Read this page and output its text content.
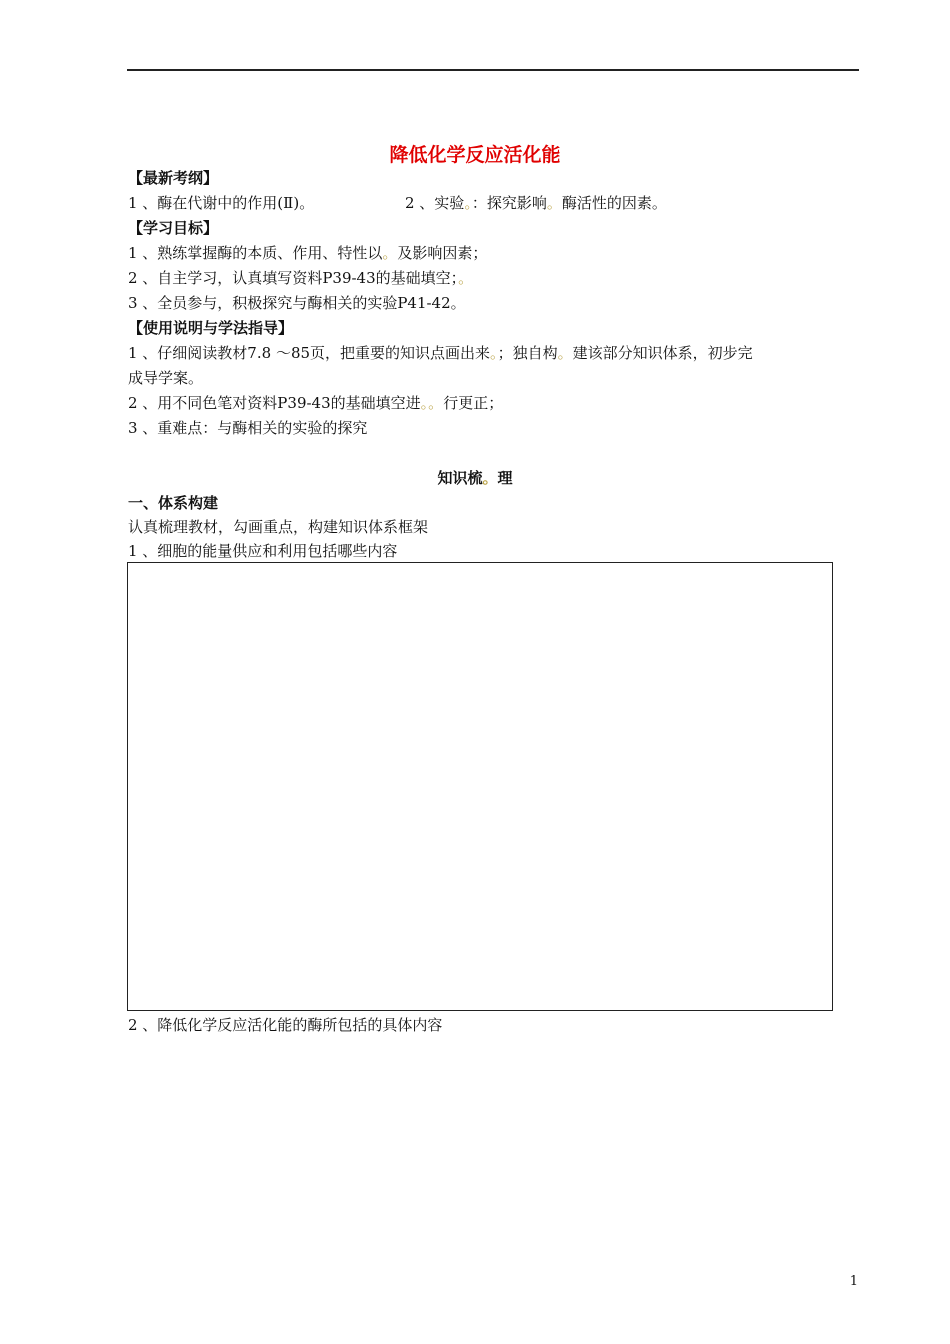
降低化学反应活化能
【最新考纲】
1 、酶在代谢中的作用(Ⅱ)。	2 、实验。：探究影响。酶活性的因素。
【学习目标】
1 、熟练掌握酶的本质、作用、特性以。及影响因素；
2 、自主学习，认真填写资料P39-43的基础填空；。
3 、全员参与，积极探究与酶相关的实验P41-42。
【使用说明与学法指导】
1 、仔细阅读教材7.8 ～85页，把重要的知识点画出来。；独自构。建该部分知识体系，初步完
成导学案。
2 、用不同色笔对资料P39-43的基础填空进。。行更正；
3 、重难点：与酶相关的实验的探究
知识梳。理
一、体系构建
认真梳理教材，勾画重点，构建知识体系框架
1 、细胞的能量供应和利用包括哪些内容
2 、降低化学反应活化能的酶所包括的具体内容
1
